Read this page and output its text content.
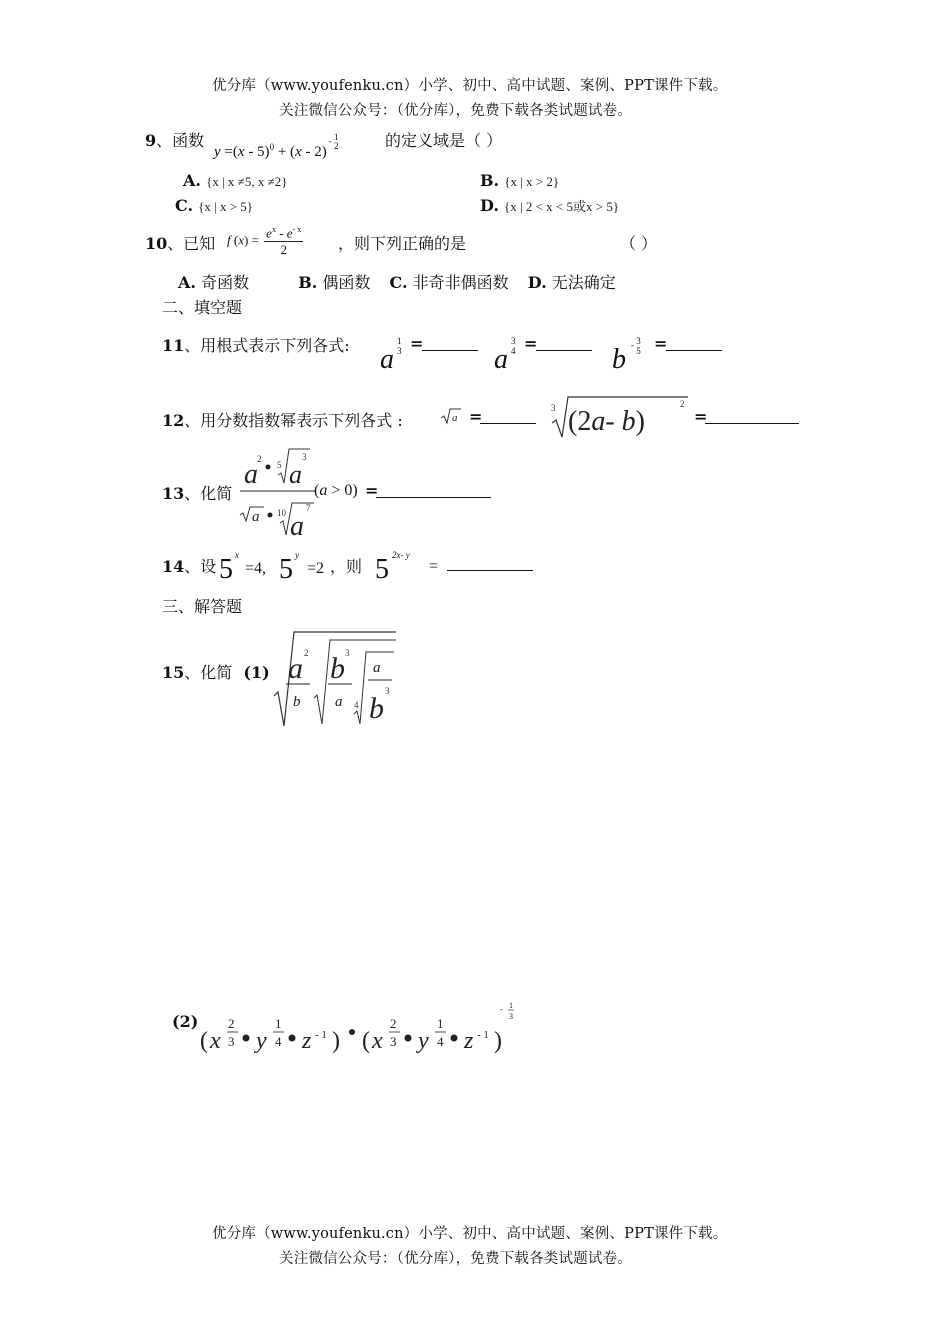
优分库（www.youfenku.cn）小学、初中、高中试题、案例、PPT课件下载。
关注微信公众号：（优分库），免费下载各类试题试卷。
9、函数
y =(x - 5)$^0$ + (x - 2)$^{- 1 2}$	的定义域是（ ）
A. {x | x ≠5, x ≠2}	B. {x | x > 2}
C. {x | x > 5}	D. {x | 2 < x < 5或x > 5}
10、已知 f $(x) = \frac{e^x - e^{- x}}{2}$ ，则下列正确的是	（ ）
A. 奇函数	B. 偶函数 C. 非奇非偶函数 D. 无法确定
二、填空题
11、用根式表示下列各式: a
1
3 =
a
3
4 =
b - 3
5 =
12、用分数指数幂表示下列各式 :	a =	3 (2a- b)
2
=
13、化简
a 2
5 a
3
a 10 a
7
(a > 0) =
14、设 5 x
=4, 5 y
=2 ，则 5 2x- y
=
三、解答题
15、化简 (1) a 2
b
b 3
a 4
a
b
3
(2)
( x
2
3 y
1
4 z - 1 ) ( x
2
3 y
1
4 z - 1 )
- 1
3
优分库（www.youfenku.cn）小学、初中、高中试题、案例、PPT课件下载。
关注微信公众号：（优分库），免费下载各类试题试卷。
